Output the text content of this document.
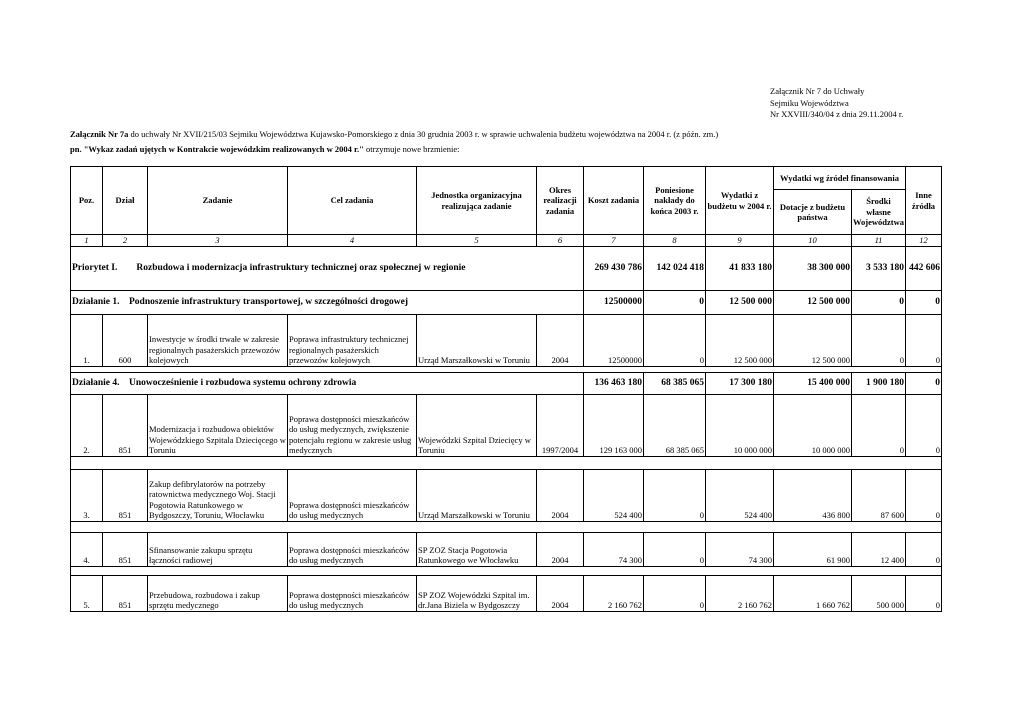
Załącznik Nr 7 do Uchwały
Sejmiku Województwa
Nr XXVIII/340/04 z dnia 29.11.2004 r.
Załącznik Nr 7a do uchwały Nr XVII/215/03 Sejmiku Województwa Kujawsko-Pomorskiego z dnia 30 grudnia 2003 r. w sprawie uchwalenia budżetu województwa na 2004 r. (z późn. zm.)
pn. "Wykaz zadań ujętych w Kontrakcie wojewódzkim realizowanych w 2004 r." otrzymuje nowe brzmienie:
Poz.	Dział	Zadanie	Cel zadania	Jednostka organizacyjna realizująca zadanie	Okres realizacji zadania	Koszt zadania	Poniesione nakłady do końca 2003 r.	Wydatki z budżetu w 2004 r.	Wydatki wg źródeł finansowania		Inne źródła
									Dotacje z budżetu państwa	Środki własne Województwa	
1	2	3	4	5	6	7	8	9	10	11	12
Priorytet I. Rozbudowa i modernizacja infrastruktury technicznej oraz społecznej w regionie						269 430 786	142 024 418	41 833 180	38 300 000	3 533 180	442 606
Działanie 1. Podnoszenie infrastruktury transportowej, w szczególności drogowej						12500000	0	12 500 000	12 500 000	0	0
1.	600	Inwestycje w środki trwałe w zakresie regionalnych pasażerskich przewozów kolejowych	Poprawa infrastruktury technicznej regionalnych pasażerskich przewozów kolejowych	Urząd Marszałkowski w Toruniu	2004	12500000	0	12 500 000	12 500 000	0	0

Działanie 4. Unowocześnienie i rozbudowa systemu ochrony zdrowia						136 463 180	68 385 065	17 300 180	15 400 000	1 900 180	0
2.	851	Modernizacja i rozbudowa obiektów Wojewódzkiego Szpitala Dziecięcego w Toruniu	Poprawa dostępności mieszkańców do usług medycznych, zwiększenie potencjału regionu w zakresie usług medycznych	Wojewódzki Szpital Dziecięcy w Toruniu	1997/2004	129 163 000	68 385 065	10 000 000	10 000 000	0	0

3.	851	Zakup defibrylatorów na potrzeby ratownictwa medycznego Woj. Stacji Pogotowia Ratunkowego w Bydgoszczy, Toruniu, Włocławku	Poprawa dostępności mieszkańców do usług medycznych	Urząd Marszałkowski w Toruniu	2004	524 400	0	524 400	436 800	87 600	0

4.	851	Sfinansowanie zakupu sprzętu łączności radiowej	Poprawa dostępności mieszkańców do usług medycznych	SP ZOZ Stacja Pogotowia Ratunkowego we Włocławku	2004	74 300	0	74 300	61 900	12 400	0

5.	851	Przebudowa, rozbudowa i zakup sprzętu medycznego	Poprawa dostępności mieszkańców do usług medycznych	SP ZOZ Wojewódzki Szpital im. dr.Jana Biziela w Bydgoszczy	2004	2 160 762	0	2 160 762	1 660 762	500 000	0
